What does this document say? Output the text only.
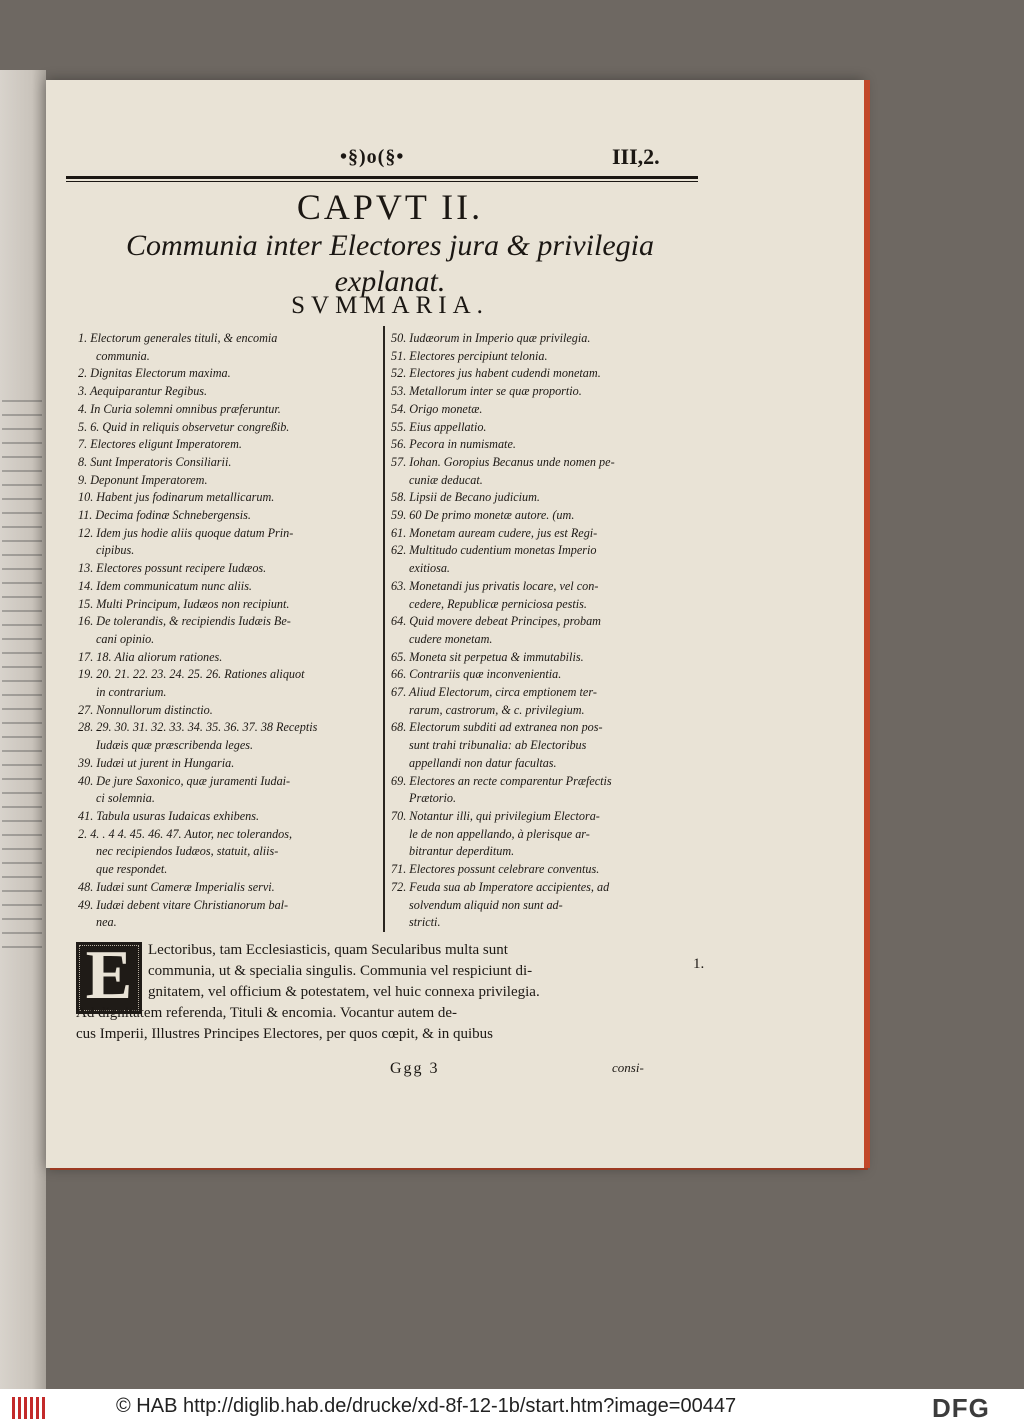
•§)o(§•	III,2.
CAPVT II.
Communia inter Electores jura & privilegia explanat.
SVMMARIA.
1. Electorum generales tituli, & encomia
communia.
2. Dignitas Electorum maxima.
3. Aequiparantur Regibus.
4. In Curia solemni omnibus præferuntur.
5. 6. Quid in reliquis observetur congreßib.
7. Electores eligunt Imperatorem.
8. Sunt Imperatoris Consiliarii.
9. Deponunt Imperatorem.
10. Habent jus fodinarum metallicarum.
11. Decima fodinæ Schnebergensis.
12. Idem jus hodie aliis quoque datum Prin-
cipibus.
13. Electores possunt recipere Iudæos.
14. Idem communicatum nunc aliis.
15. Multi Principum, Iudæos non recipiunt.
16. De tolerandis, & recipiendis Iudæis Be-
cani opinio.
17. 18. Alia aliorum rationes.
19. 20. 21. 22. 23. 24. 25. 26. Rationes aliquot
in contrarium.
27. Nonnullorum distinctio.
28. 29. 30. 31. 32. 33. 34. 35. 36. 37. 38 Receptis
Iudæis quæ præscribenda leges.
39. Iudæi ut jurent in Hungaria.
40. De jure Saxonico, quæ juramenti Iudai-
ci solemnia.
41. Tabula usuras Iudaicas exhibens.
2. 4. . 4 4. 45. 46. 47. Autor, nec tolerandos,
nec recipiendos Iudæos, statuit, aliis-
que respondet.
48. Iudæi sunt Cameræ Imperialis servi.
49. Iudæi debent vitare Christianorum bal-
nea.
50. Iudæorum in Imperio quæ privilegia.
51. Electores percipiunt telonia.
52. Electores jus habent cudendi monetam.
53. Metallorum inter se quæ proportio.
54. Origo monetæ.
55. Eius appellatio.
56. Pecora in numismate.
57. Iohan. Goropius Becanus unde nomen pe-
cuniæ deducat.
58. Lipsii de Becano judicium.
59. 60 De primo monetæ autore. (um.
61. Monetam auream cudere, jus est Regi-
62. Multitudo cudentium monetas Imperio
exitiosa.
63. Monetandi jus privatis locare, vel con-
cedere, Republicæ perniciosa pestis.
64. Quid movere debeat Principes, probam
cudere monetam.
65. Moneta sit perpetua & immutabilis.
66. Contrariis quæ inconvenientia.
67. Aliud Electorum, circa emptionem ter-
rarum, castrorum, & c. privilegium.
68. Electorum subditi ad extranea non pos-
sunt trahi tribunalia: ab Electoribus
appellandi non datur facultas.
69. Electores an recte comparentur Præfectis
Prætorio.
70. Notantur illi, qui privilegium Electora-
le de non appellando, à plerisque ar-
bitrantur deperditum.
71. Electores possunt celebrare conventus.
72. Feuda sua ab Imperatore accipientes, ad
solvendum aliquid non sunt ad-
stricti.
E Lectoribus, tam Ecclesiasticis, quam Secularibus multa sunt
communia, ut & specialia singulis. Communia vel respiciunt di-
gnitatem, vel officium & potestatem, vel huic connexa privilegia.
Ad dignitatem referenda, Tituli & encomia. Vocantur autem de-
cus Imperii, Illustres Principes Electores, per quos cœpit, & in quibus
1.
Ggg 3	consi-
© HAB http://diglib.hab.de/drucke/xd-8f-12-1b/start.htm?image=00447	DFG
